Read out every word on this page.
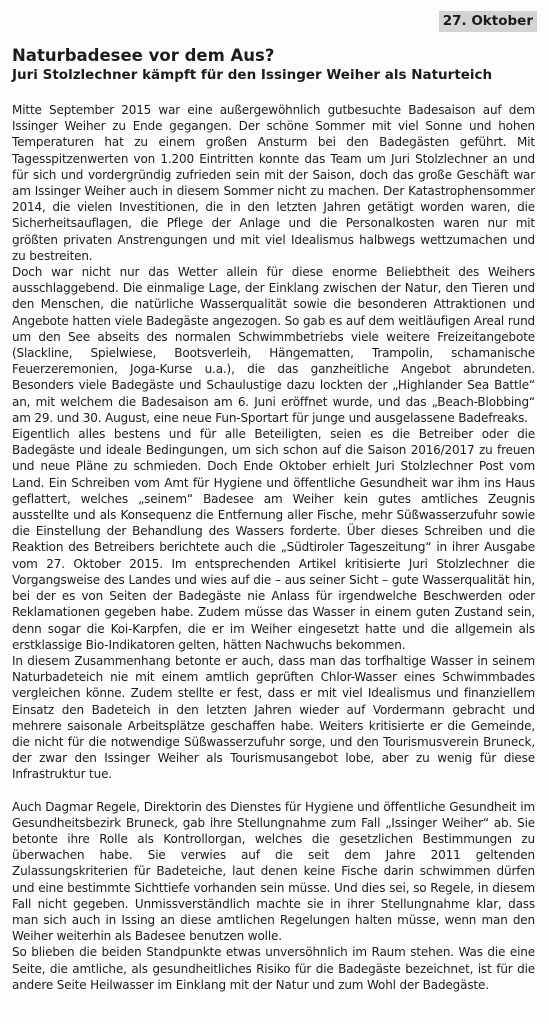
27. Oktober
Naturbadesee vor dem Aus?
Juri Stolzlechner kämpft für den Issinger Weiher als Naturteich

Mitte September 2015 war eine außergewöhnlich gutbesuchte Badesaison auf dem Issinger Weiher zu Ende gegangen. Der schöne Sommer mit viel Sonne und hohen Temperaturen hat zu einem großen Ansturm bei den Badegästen geführt. Mit Tagesspitzenwerten von 1.200 Eintritten konnte das Team um Juri Stolzlechner an und für sich und vordergründig zufrieden sein mit der Saison, doch das große Geschäft war am Issinger Weiher auch in diesem Sommer nicht zu machen. Der Katastrophensommer 2014, die vielen Investitionen, die in den letzten Jahren getätigt worden waren, die Sicherheitsauflagen, die Pflege der Anlage und die Personalkosten waren nur mit größten privaten Anstrengungen und mit viel Idealismus halbwegs wettzumachen und zu bestreiten.

Doch war nicht nur das Wetter allein für diese enorme Beliebtheit des Weihers ausschlaggebend. Die einmalige Lage, der Einklang zwischen der Natur, den Tieren und den Menschen, die natürliche Wasserqualität sowie die besonderen Attraktionen und Angebote hatten viele Badegäste angezogen. So gab es auf dem weitläufigen Areal rund um den See abseits des normalen Schwimmbetriebs viele weitere Freizeitangebote (Slackline, Spielwiese, Bootsverleih, Hängematten, Trampolin, schamanische Feuerzeremonien, Joga-Kurse u.a.), die das ganzheitliche Angebot abrundeten. Besonders viele Badegäste und Schaulustige dazu lockten der „Highlander Sea Battle“ an, mit welchem die Badesaison am 6. Juni eröffnet wurde, und das „Beach-Blobbing“ am 29. und 30. August, eine neue Fun-Sportart für junge und ausgelassene Badefreaks.

Eigentlich alles bestens und für alle Beteiligten, seien es die Betreiber oder die Badegäste und ideale Bedingungen, um sich schon auf die Saison 2016/2017 zu freuen und neue Pläne zu schmieden. Doch Ende Oktober erhielt Juri Stolzlechner Post vom Land. Ein Schreiben vom Amt für Hygiene und öffentliche Gesundheit war ihm ins Haus geflattert, welches „seinem“ Badesee am Weiher kein gutes amtliches Zeugnis ausstellte und als Konsequenz die Entfernung aller Fische, mehr Süßwasserzufuhr sowie die Einstellung der Behandlung des Wassers forderte. Über dieses Schreiben und die Reaktion des Betreibers berichtete auch die „Südtiroler Tageszeitung“ in ihrer Ausgabe vom 27. Oktober 2015. Im entsprechenden Artikel kritisierte Juri Stolzlechner die Vorgangsweise des Landes und wies auf die – aus seiner Sicht – gute Wasserqualität hin, bei der es von Seiten der Badegäste nie Anlass für irgendwelche Beschwerden oder Reklamationen gegeben habe. Zudem müsse das Wasser in einem guten Zustand sein, denn sogar die Koi-Karpfen, die er im Weiher eingesetzt hatte und die allgemein als erstklassige Bio-Indikatoren gelten, hätten Nachwuchs bekommen.

In diesem Zusammenhang betonte er auch, dass man das torfhaltige Wasser in seinem Naturbadeteich nie mit einem amtlich geprüften Chlor-Wasser eines Schwimmbades vergleichen könne. Zudem stellte er fest, dass er mit viel Idealismus und finanziellem Einsatz den Badeteich in den letzten Jahren wieder auf Vordermann gebracht und mehrere saisonale Arbeitsplätze geschaffen habe. Weiters kritisierte er die Gemeinde, die nicht für die notwendige Süßwasserzufuhr sorge, und den Tourismusverein Bruneck, der zwar den Issinger Weiher als Tourismusangebot lobe, aber zu wenig für diese Infrastruktur tue.

Auch Dagmar Regele, Direktorin des Dienstes für Hygiene und öffentliche Gesundheit im Gesundheitsbezirk Bruneck, gab ihre Stellungnahme zum Fall „Issinger Weiher“ ab. Sie betonte ihre Rolle als Kontrollorgan, welches die gesetzlichen Bestimmungen zu überwachen habe. Sie verwies auf die seit dem Jahre 2011 geltenden Zulassungskriterien für Badeteiche, laut denen keine Fische darin schwimmen dürfen und eine bestimmte Sichttiefe vorhanden sein müsse. Und dies sei, so Regele, in diesem Fall nicht gegeben. Unmissverständlich machte sie in ihrer Stellungnahme klar, dass man sich auch in Issing an diese amtlichen Regelungen halten müsse, wenn man den Weiher weiterhin als Badesee benutzen wolle.

So blieben die beiden Standpunkte etwas unversöhnlich im Raum stehen. Was die eine Seite, die amtliche, als gesundheitliches Risiko für die Badegäste bezeichnet, ist für die andere Seite Heilwasser im Einklang mit der Natur und zum Wohl der Badegäste.
